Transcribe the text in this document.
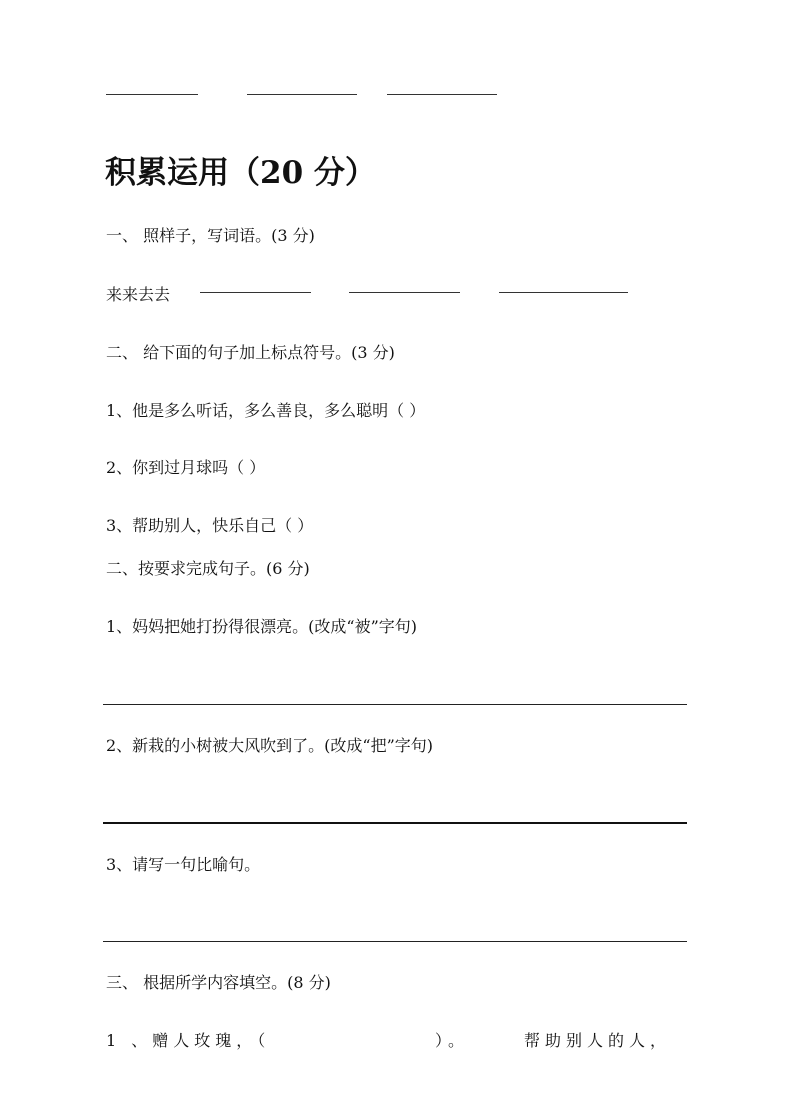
积累运用（20 分）
一、 照样子，写词语。(3 分)
来来去去
二、 给下面的句子加上标点符号。(3 分)
1、他是多么听话，多么善良，多么聪明（ ）
2、你到过月球吗（ ）
3、帮助别人，快乐自己（ ）
二、按要求完成句子。(6 分)
1、妈妈把她打扮得很漂亮。(改成“被”字句)
2、新栽的小树被大风吹到了。(改成“把”字句)
3、请写一句比喻句。
三、 根据所学内容填空。(8 分)
1 、赠人玫瑰，（	）。	帮助别人的人，
